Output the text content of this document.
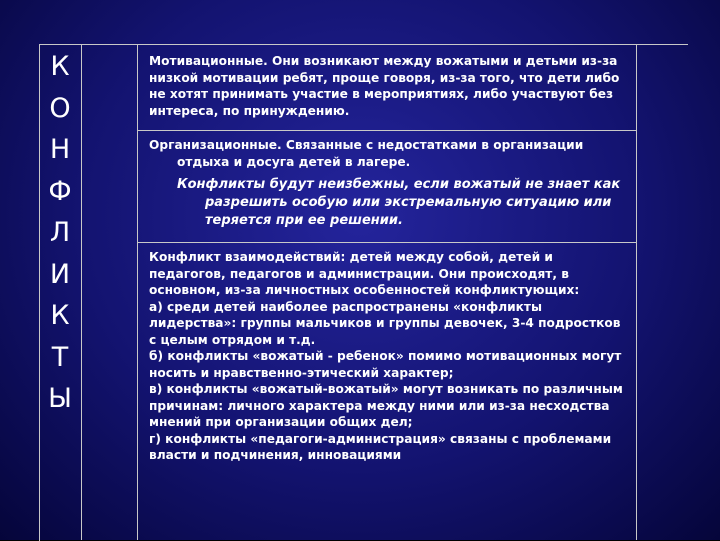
К
О
Н
Ф
Л
И
К
Т
Ы

Мотивационные. Они возникают между вожатыми и детьми из-за низкой мотивации ребят, проще говоря, из-за того, что дети либо не хотят принимать участие в мероприятиях, либо участвуют без интереса, по принуждению.

Организационные. Связанные с недостатками в организации

отдыха и досуга детей в лагере.

Конфликты будут неизбежны, если вожатый не знает как

разрешить особую или экстремальную ситуацию или

теряется при ее решении.

Конфликт взаимодействий: детей между собой, детей и педагогов, педагогов и администрации. Они происходят, в основном, из-за личностных особенностей конфликтующих:

а) среди детей наиболее распространены «конфликты лидерства»: группы мальчиков и группы девочек, 3-4 подростков с целым отрядом и т.д.

б) конфликты «вожатый - ребенок» помимо мотивационных могут носить и нравственно-этический характер;

в) конфликты «вожатый-вожатый» могут возникать по различным причинам: личного характера между ними или из-за несходства мнений при организации общих дел;

г) конфликты «педагоги-администрация» связаны с проблемами власти и подчинения, инновациями
